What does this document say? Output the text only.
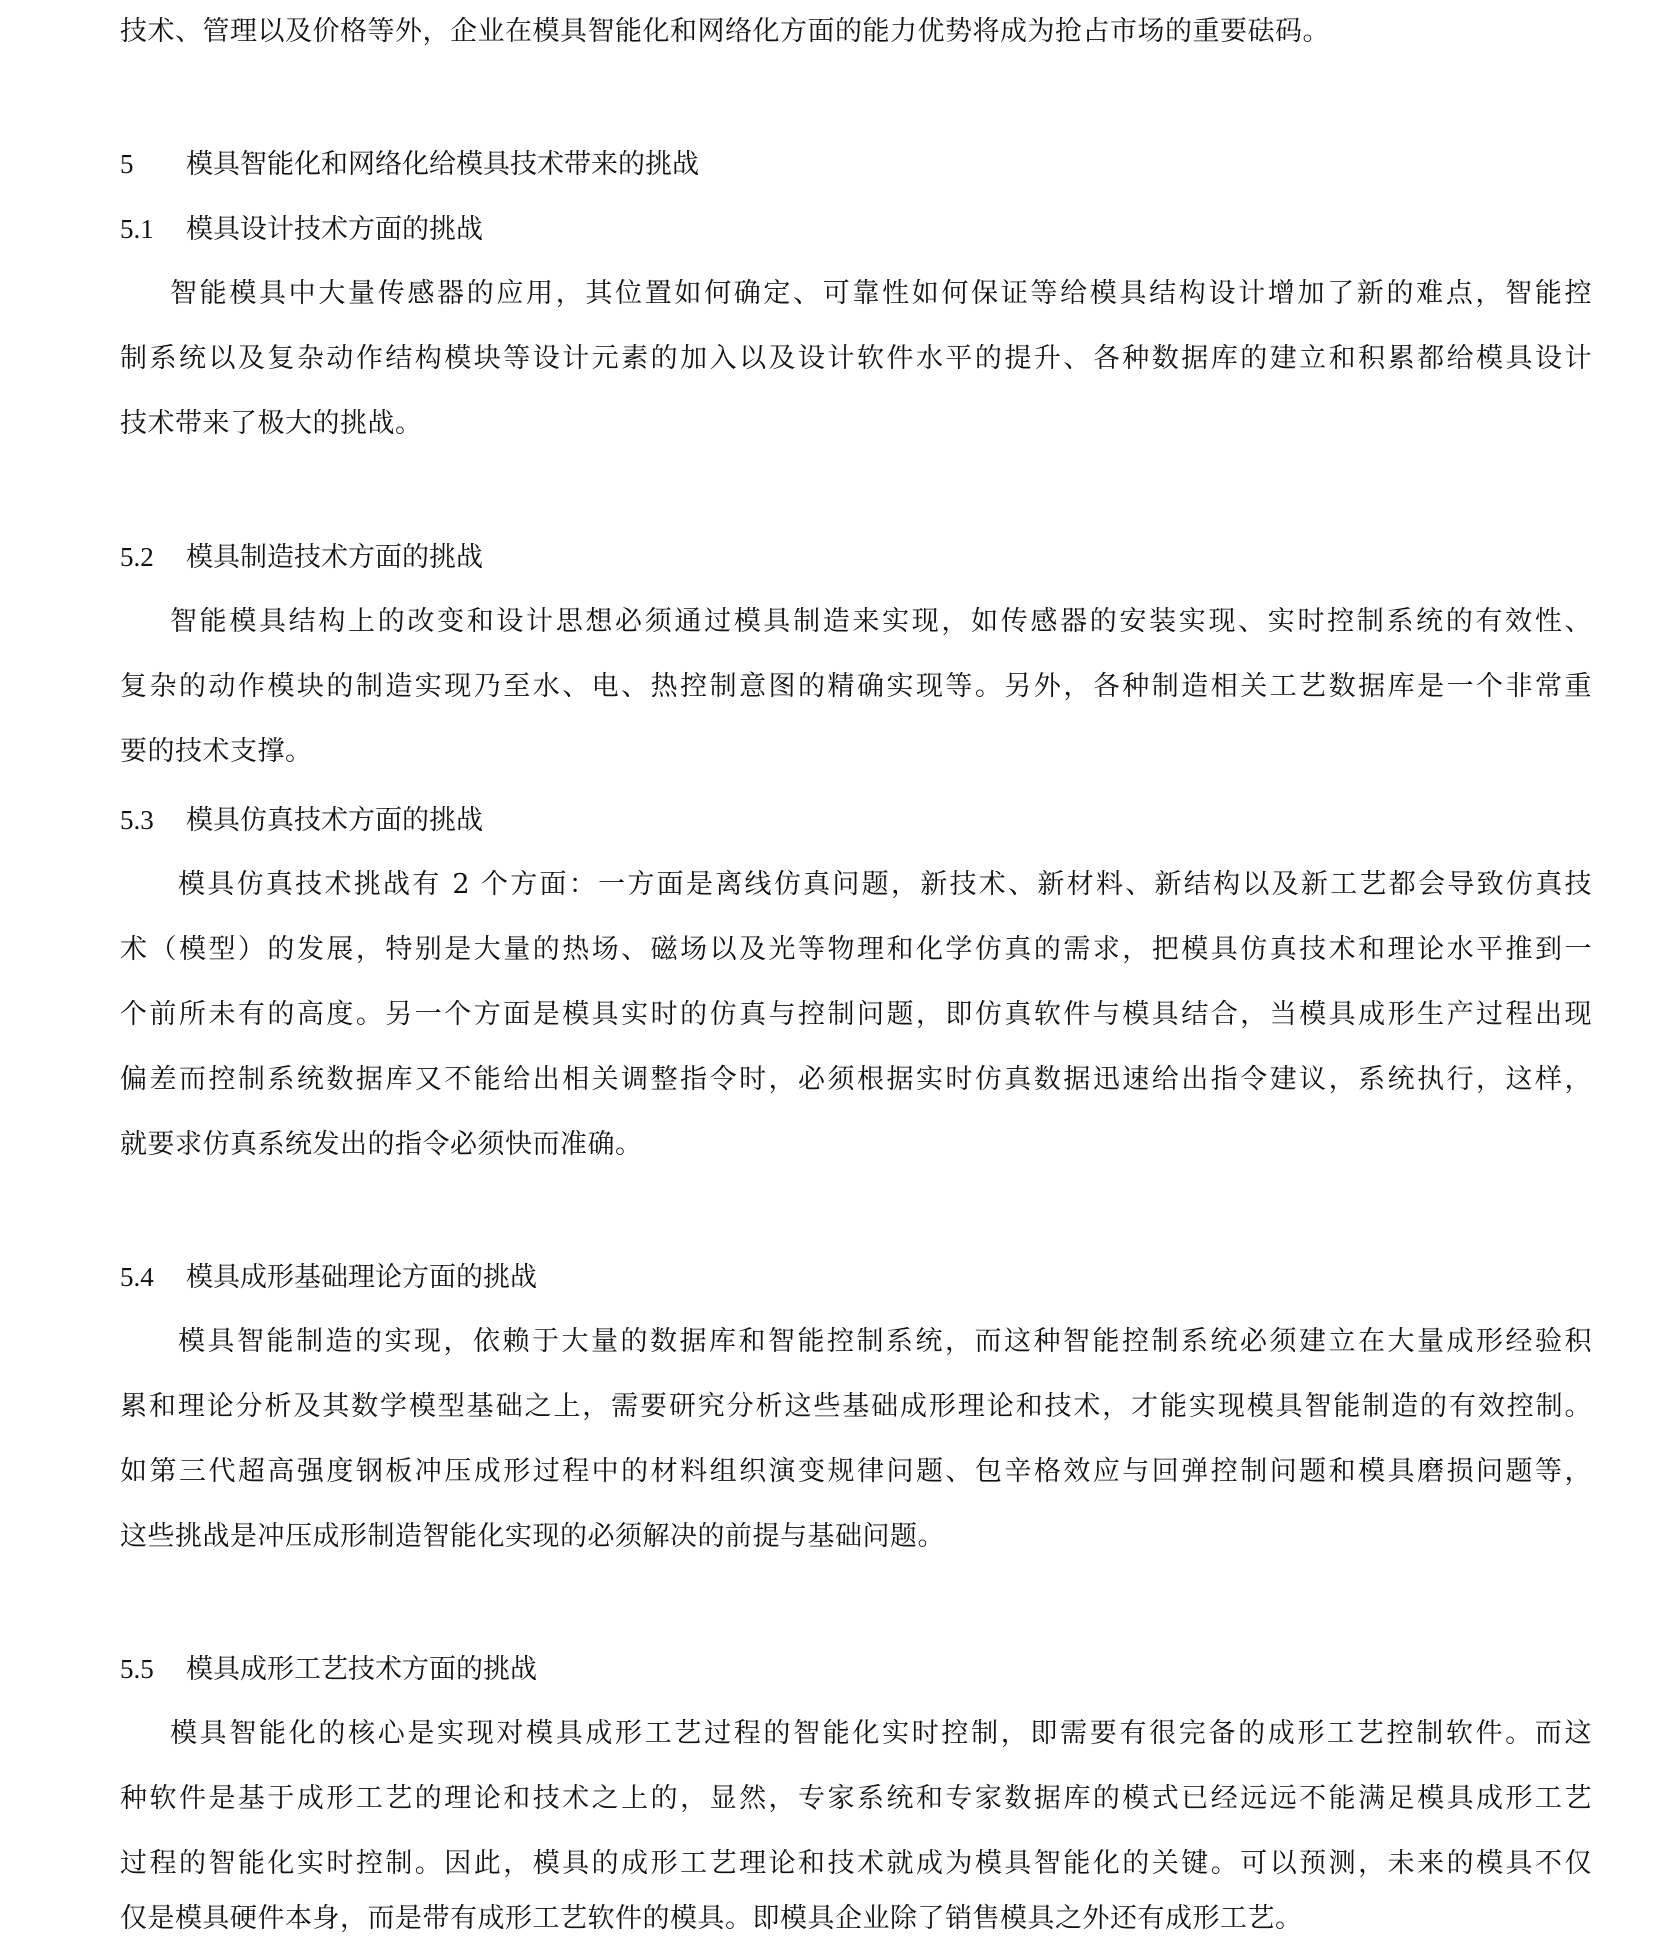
技术、管理以及价格等外，企业在模具智能化和网络化方面的能力优势将成为抢占市场的重要砝码。
5 模具智能化和网络化给模具技术带来的挑战
5.1 模具设计技术方面的挑战
智能模具中大量传感器的应用，其位置如何确定、可靠性如何保证等给模具结构设计增加了新的难点，智能控
制系统以及复杂动作结构模块等设计元素的加入以及设计软件水平的提升、各种数据库的建立和积累都给模具设计
技术带来了极大的挑战。
5.2 模具制造技术方面的挑战
智能模具结构上的改变和设计思想必须通过模具制造来实现，如传感器的安装实现、实时控制系统的有效性、
复杂的动作模块的制造实现乃至水、电、热控制意图的精确实现等。另外，各种制造相关工艺数据库是一个非常重
要的技术支撑。
5.3 模具仿真技术方面的挑战
模具仿真技术挑战有 2 个方面：一方面是离线仿真问题，新技术、新材料、新结构以及新工艺都会导致仿真技
术（模型）的发展，特别是大量的热场、磁场以及光等物理和化学仿真的需求，把模具仿真技术和理论水平推到一
个前所未有的高度。另一个方面是模具实时的仿真与控制问题，即仿真软件与模具结合，当模具成形生产过程出现
偏差而控制系统数据库又不能给出相关调整指令时，必须根据实时仿真数据迅速给出指令建议，系统执行，这样，
就要求仿真系统发出的指令必须快而准确。
5.4 模具成形基础理论方面的挑战
模具智能制造的实现，依赖于大量的数据库和智能控制系统，而这种智能控制系统必须建立在大量成形经验积
累和理论分析及其数学模型基础之上，需要研究分析这些基础成形理论和技术，才能实现模具智能制造的有效控制。
如第三代超高强度钢板冲压成形过程中的材料组织演变规律问题、包辛格效应与回弹控制问题和模具磨损问题等，
这些挑战是冲压成形制造智能化实现的必须解决的前提与基础问题。
5.5 模具成形工艺技术方面的挑战
模具智能化的核心是实现对模具成形工艺过程的智能化实时控制，即需要有很完备的成形工艺控制软件。而这
种软件是基于成形工艺的理论和技术之上的，显然，专家系统和专家数据库的模式已经远远不能满足模具成形工艺
过程的智能化实时控制。因此，模具的成形工艺理论和技术就成为模具智能化的关键。可以预测，未来的模具不仅
仅是模具硬件本身，而是带有成形工艺软件的模具。即模具企业除了销售模具之外还有成形工艺。
